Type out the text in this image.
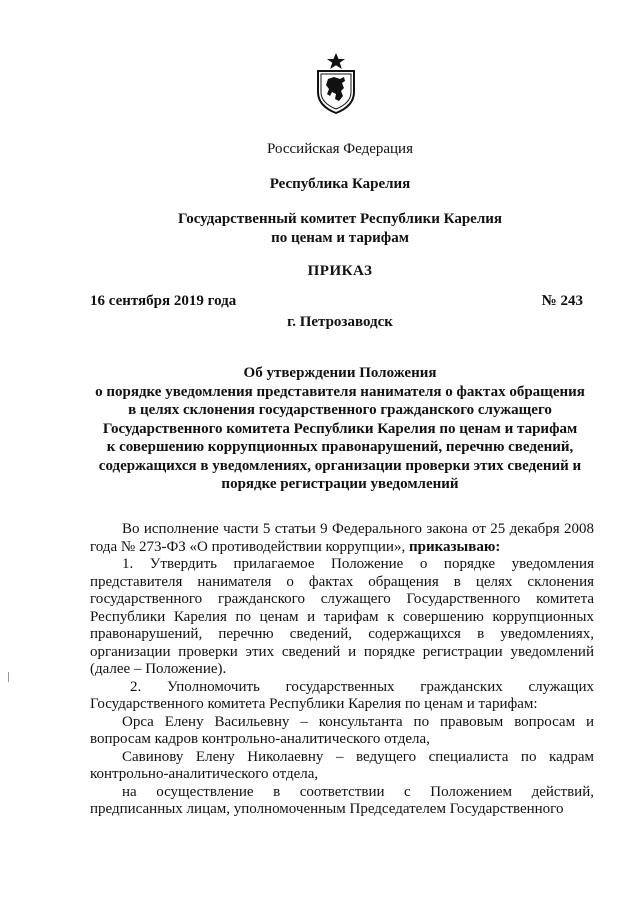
Российская Федерация
Республика Карелия
Государственный комитет Республики Карелия
по ценам и тарифам
ПРИКАЗ
16 сентября 2019 года	№ 243
г. Петрозаводск
Об утверждении Положения
о порядке уведомления представителя нанимателя о фактах обращения
в целях склонения государственного гражданского служащего
Государственного комитета Республики Карелия по ценам и тарифам
к совершению коррупционных правонарушений, перечню сведений,
содержащихся в уведомлениях, организации проверки этих сведений и
порядке регистрации уведомлений

Во исполнение части 5 статьи 9 Федерального закона от 25 декабря 2008 года № 273-ФЗ «О противодействии коррупции», приказываю:

1. Утвердить прилагаемое Положение о порядке уведомления представителя нанимателя о фактах обращения в целях склонения государственного гражданского служащего Государственного комитета Республики Карелия по ценам и тарифам к совершению коррупционных правонарушений, перечню сведений, содержащихся в уведомлениях, организации проверки этих сведений и порядке регистрации уведомлений (далее – Положение).

2. Уполномочить государственных гражданских служащих Государственного комитета Республики Карелия по ценам и тарифам:

Орса Елену Васильевну – консультанта по правовым вопросам и вопросам кадров контрольно-аналитического отдела,

Савинову Елену Николаевну – ведущего специалиста по кадрам контрольно-аналитического отдела,

на осуществление в соответствии с Положением действий, предписанных лицам, уполномоченным Председателем Государственного
